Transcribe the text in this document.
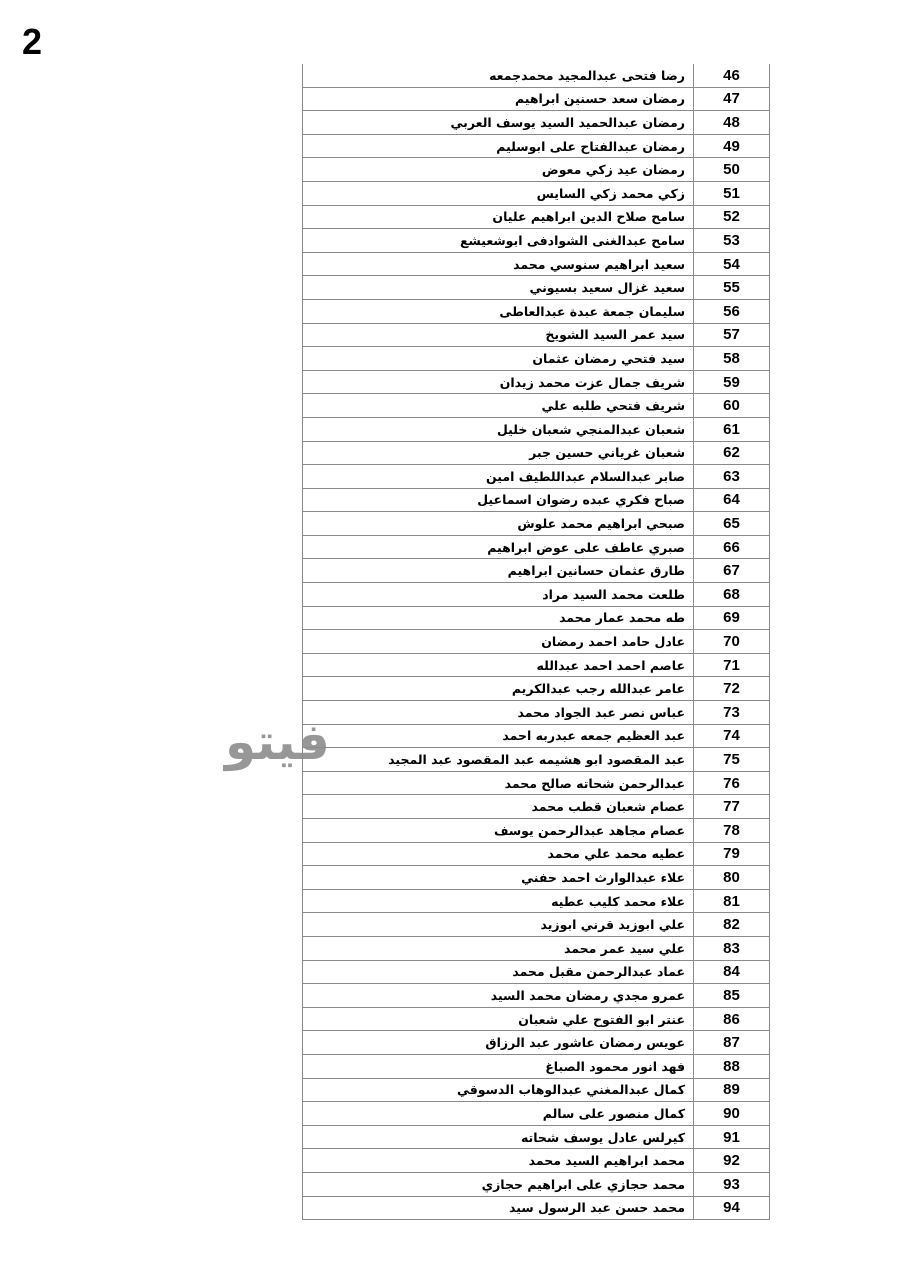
2
رضا فتحى عبدالمجيد محمدجمعه	46
رمضان سعد حسنين ابراهيم	47
رمضان عبدالحميد السيد يوسف العربي	48
رمضان عبدالفتاح على ابوسليم	49
رمضان عيد زكي معوض	50
زكي محمد زكي السايس	51
سامح صلاح الدين ابراهيم عليان	52
سامح عبدالغنى الشوادفى ابوشعيشع	53
سعيد ابراهيم سنوسي محمد	54
سعيد غزال سعيد بسيوني	55
سليمان جمعة عبدة عبدالعاطى	56
سيد عمر السيد الشويخ	57
سيد فتحي رمضان عثمان	58
شريف جمال عزت محمد زيدان	59
شريف فتحي طلبه علي	60
شعبان عبدالمنجي شعبان خليل	61
شعبان غرياني حسين جبر	62
صابر عبدالسلام عبداللطيف امين	63
صباح فكري عبده رضوان اسماعيل	64
صبحي ابراهيم محمد علوش	65
صبري عاطف على عوض ابراهيم	66
طارق عثمان حسانين ابراهيم	67
طلعت محمد السيد مراد	68
طه محمد عمار محمد	69
عادل حامد احمد رمضان	70
عاصم احمد احمد عبدالله	71
عامر عبدالله رجب عبدالكريم	72
عباس نصر عبد الجواد محمد	73
عبد العظيم جمعه عبدربه احمد	74
عبد المقصود ابو هشيمه عبد المقصود عبد المجيد	75
عبدالرحمن شحاته صالح محمد	76
عصام شعبان قطب محمد	77
عصام مجاهد عبدالرحمن يوسف	78
عطيه محمد علي محمد	79
علاء عبدالوارث احمد حفني	80
علاء محمد كليب عطيه	81
علي ابوزيد قرني ابوزيد	82
علي سيد عمر محمد	83
عماد عبدالرحمن مقبل محمد	84
عمرو مجدي رمضان محمد السيد	85
عنتر ابو الفتوح علي شعبان	86
عويس رمضان عاشور عبد الرزاق	87
فهد انور محمود الصباغ	88
كمال عبدالمغني عبدالوهاب الدسوقي	89
كمال منصور على سالم	90
كيرلس عادل يوسف شحاته	91
محمد ابراهيم السيد محمد	92
محمد حجازي على ابراهيم حجازي	93
محمد حسن عبد الرسول سيد	94
فيتو
